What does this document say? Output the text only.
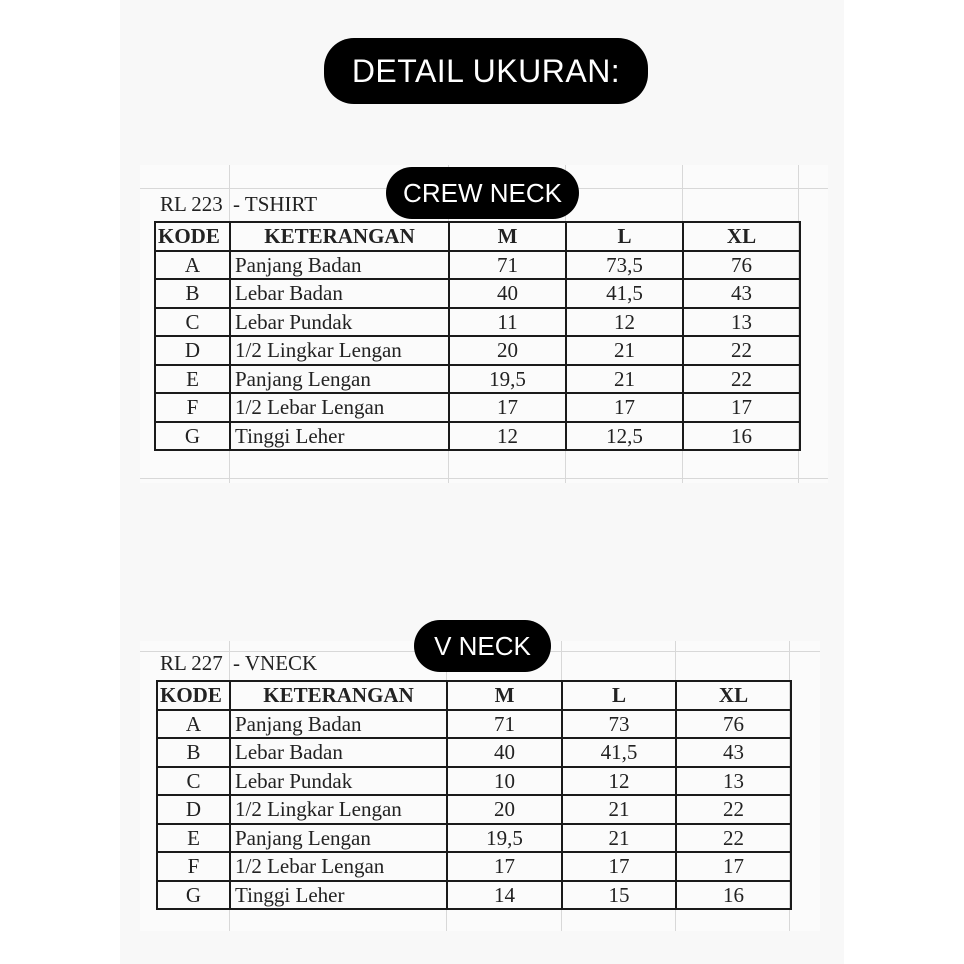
DETAIL UKURAN:
CREW NECK
RL 223 - TSHIRT
KODE	KETERANGAN	M	L	XL
A	Panjang Badan	71	73,5	76
B	Lebar Badan	40	41,5	43
C	Lebar Pundak	11	12	13
D	1/2 Lingkar Lengan	20	21	22
E	Panjang Lengan	19,5	21	22
F	1/2 Lebar Lengan	17	17	17
G	Tinggi Leher	12	12,5	16
V NECK
RL 227 - VNECK
KODE	KETERANGAN	M	L	XL
A	Panjang Badan	71	73	76
B	Lebar Badan	40	41,5	43
C	Lebar Pundak	10	12	13
D	1/2 Lingkar Lengan	20	21	22
E	Panjang Lengan	19,5	21	22
F	1/2 Lebar Lengan	17	17	17
G	Tinggi Leher	14	15	16
